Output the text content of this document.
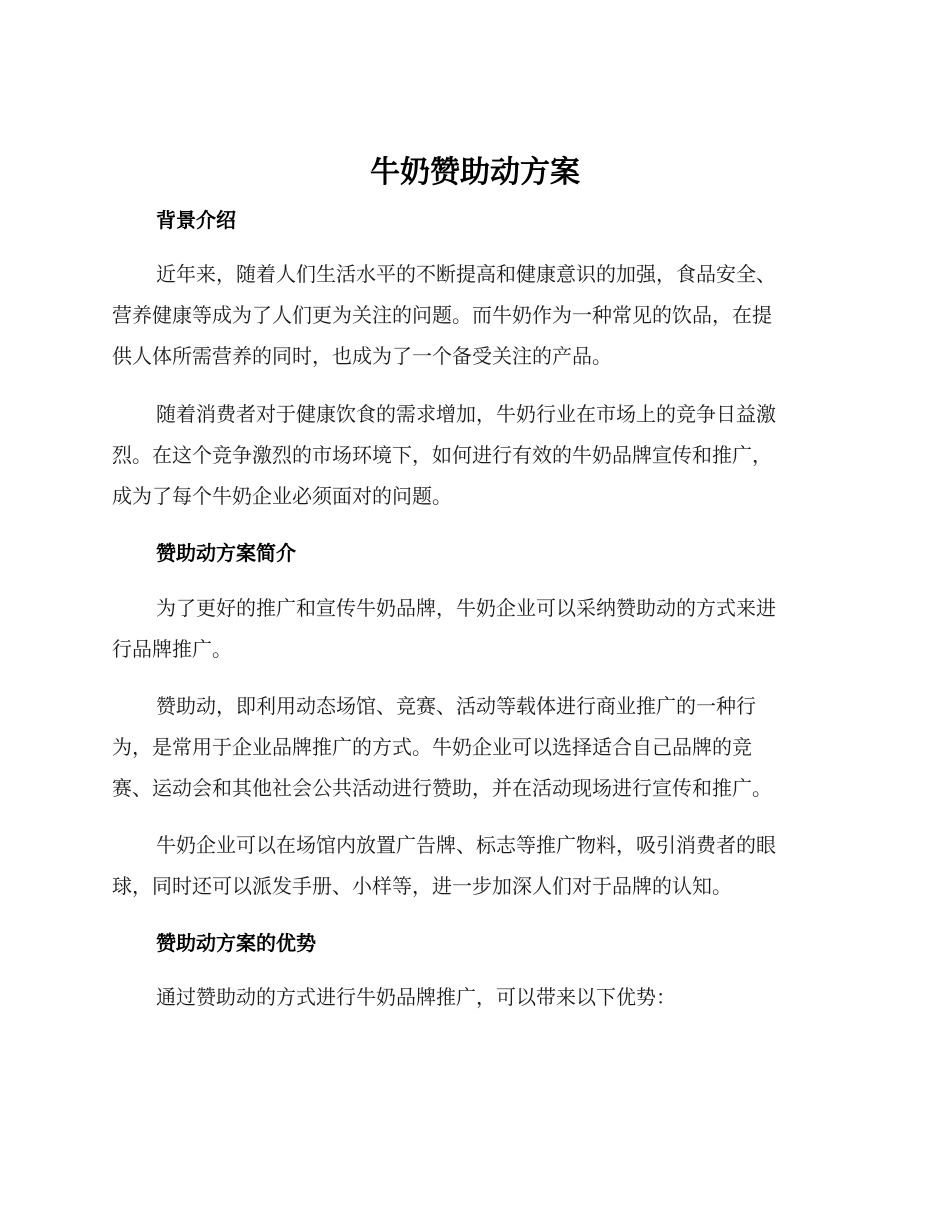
牛奶赞助动方案
背景介绍
近年来，随着人们生活水平的不断提高和健康意识的加强，食品安全、
营养健康等成为了人们更为关注的问题。而牛奶作为一种常见的饮品，在提
供人体所需营养的同时，也成为了一个备受关注的产品。
随着消费者对于健康饮食的需求增加，牛奶行业在市场上的竞争日益激
烈。在这个竞争激烈的市场环境下，如何进行有效的牛奶品牌宣传和推广，
成为了每个牛奶企业必须面对的问题。
赞助动方案简介
为了更好的推广和宣传牛奶品牌，牛奶企业可以采纳赞助动的方式来进
行品牌推广。
赞助动，即利用动态场馆、竞赛、活动等载体进行商业推广的一种行
为，是常用于企业品牌推广的方式。牛奶企业可以选择适合自己品牌的竞
赛、运动会和其他社会公共活动进行赞助，并在活动现场进行宣传和推广。
牛奶企业可以在场馆内放置广告牌、标志等推广物料，吸引消费者的眼
球，同时还可以派发手册、小样等，进一步加深人们对于品牌的认知。
赞助动方案的优势
通过赞助动的方式进行牛奶品牌推广，可以带来以下优势：
